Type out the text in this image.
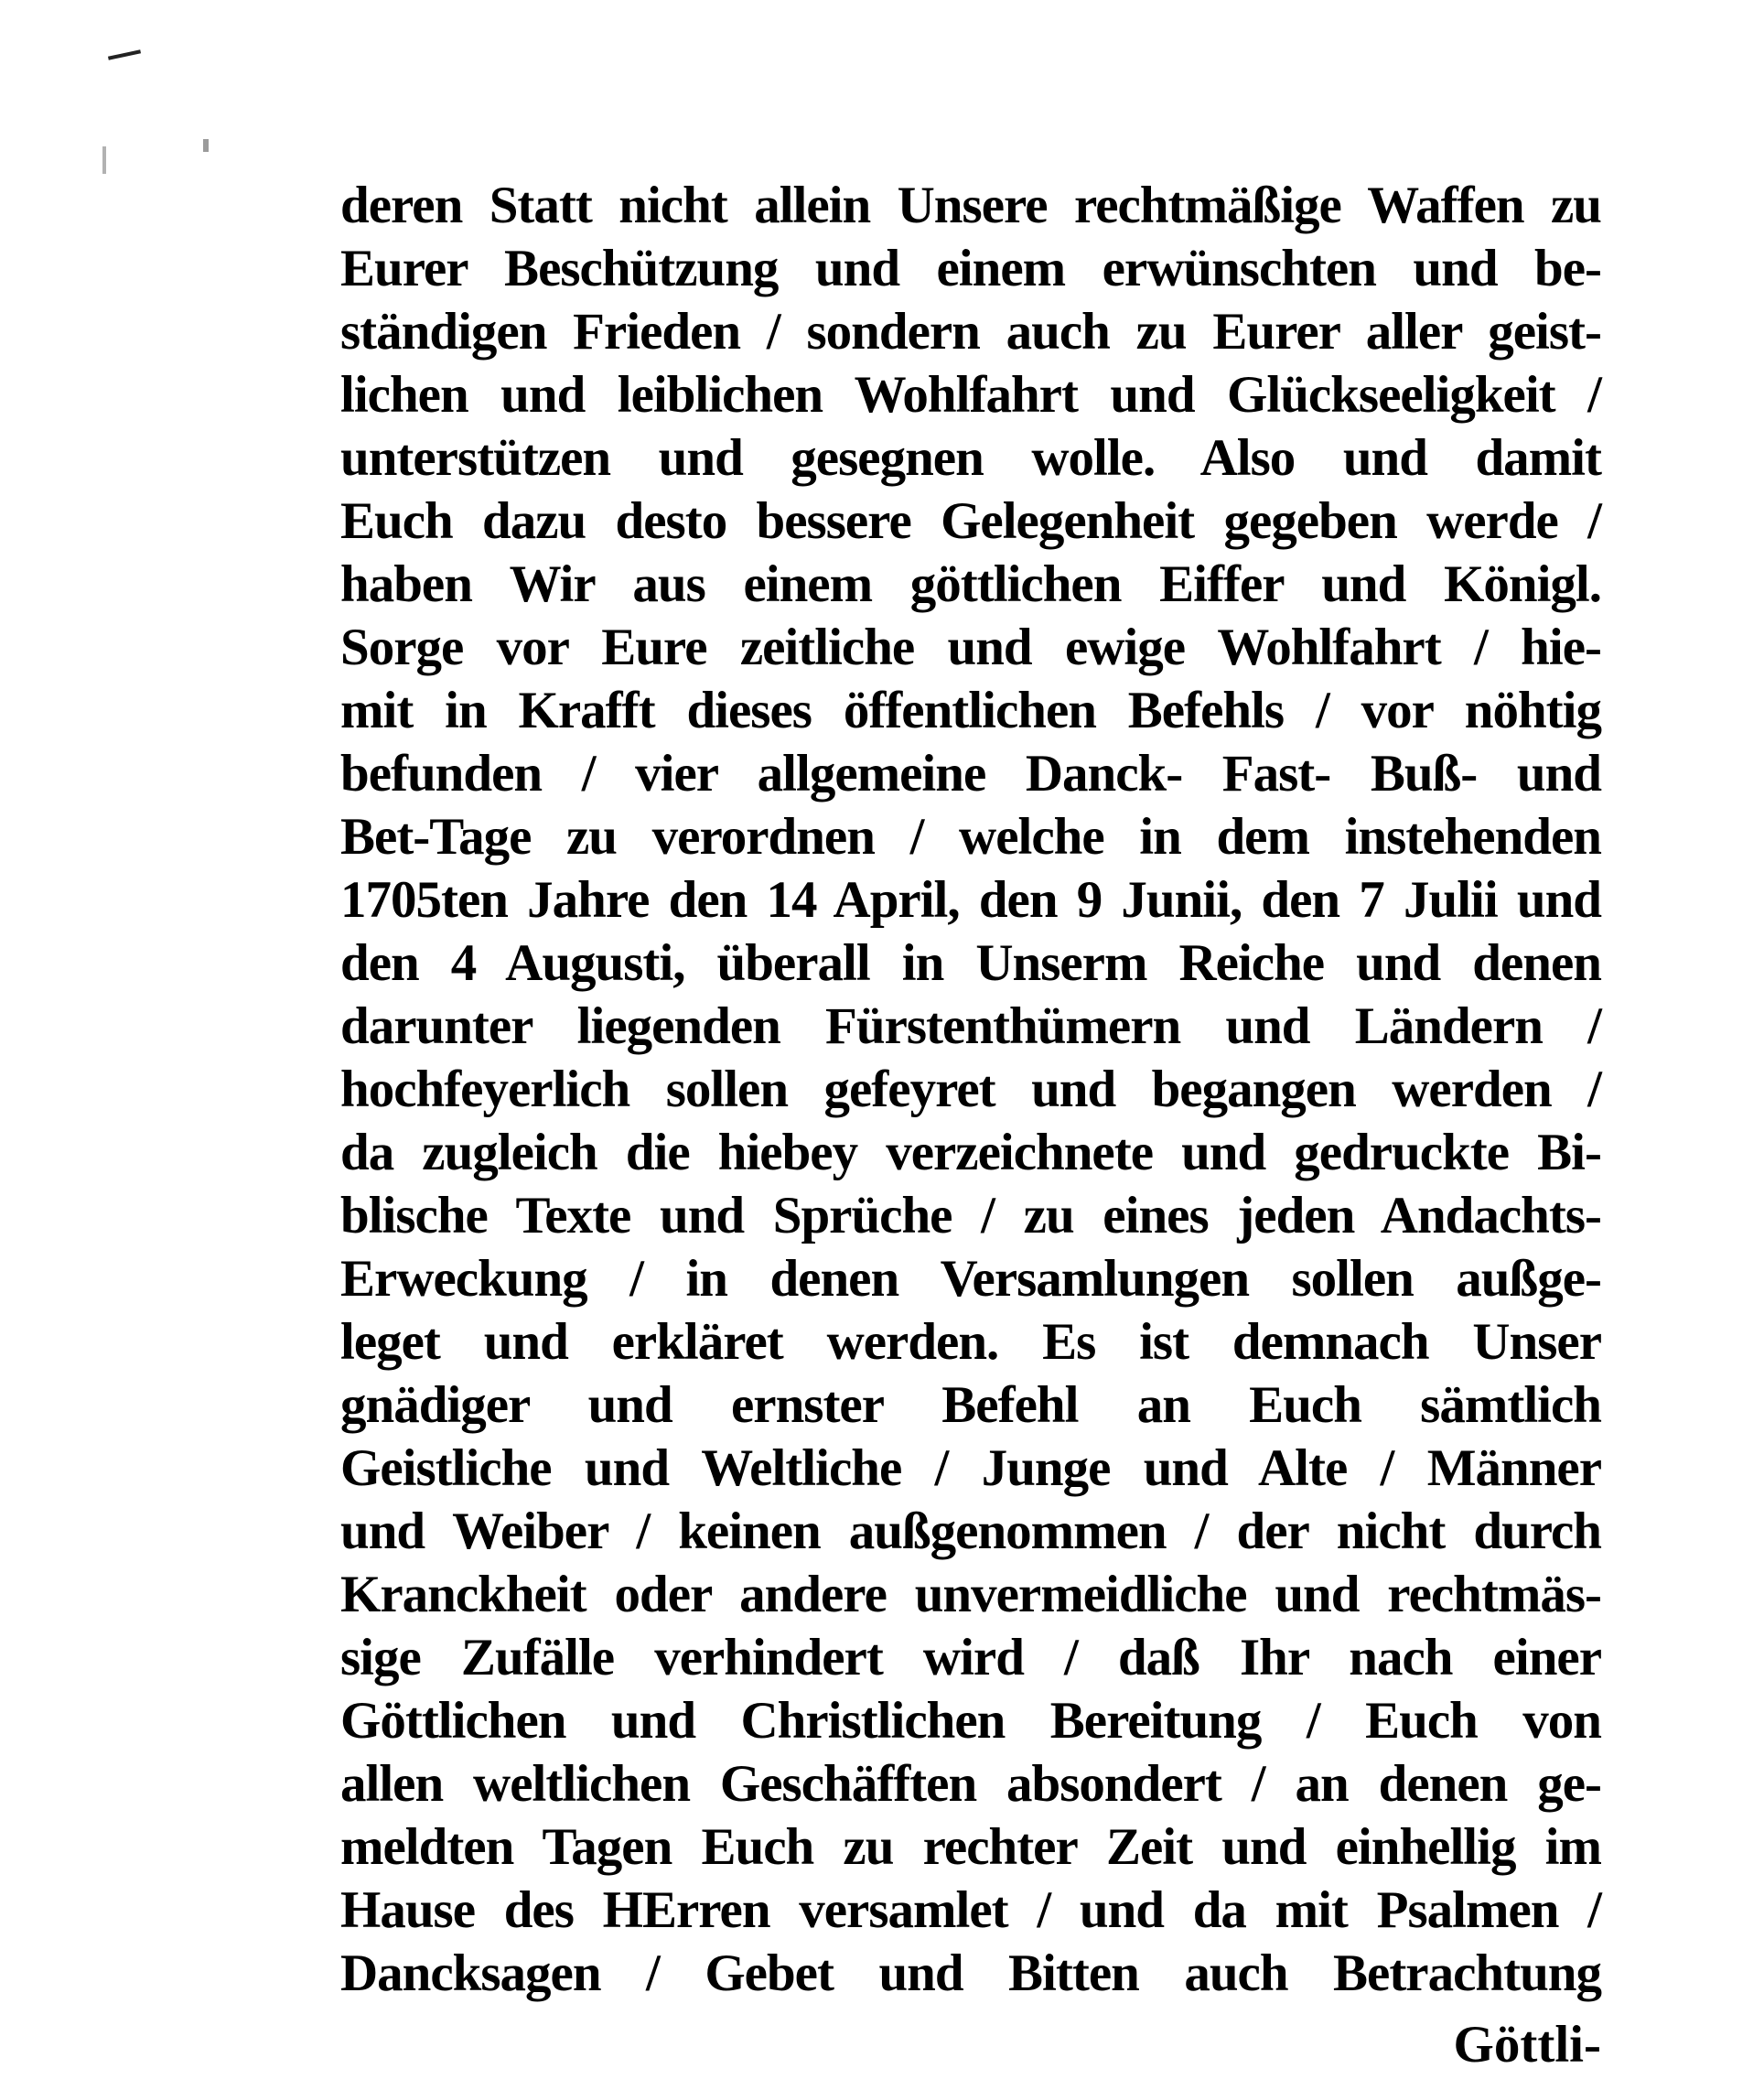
deren Statt nicht allein Unsere rechtmäßige Waffen zu
Eurer Beschützung und einem erwünschten und be-
ständigen Frieden / sondern auch zu Eurer aller geist-
lichen und leiblichen Wohlfahrt und Glückseeligkeit /
unterstützen und gesegnen wolle. Also und damit
Euch dazu desto bessere Gelegenheit gegeben werde /
haben Wir aus einem göttlichen Eiffer und Königl.
Sorge vor Eure zeitliche und ewige Wohlfahrt / hie-
mit in Krafft dieses öffentlichen Befehls / vor nöhtig
befunden / vier allgemeine Danck- Fast- Buß- und
Bet-Tage zu verordnen / welche in dem instehenden
1705ten Jahre den 14 April, den 9 Junii, den 7 Julii und
den 4 Augusti, überall in Unserm Reiche und denen
darunter liegenden Fürstenthümern und Ländern /
hochfeyerlich sollen gefeyret und begangen werden /
da zugleich die hiebey verzeichnete und gedruckte Bi-
blische Texte und Sprüche / zu eines jeden Andachts-
Erweckung / in denen Versamlungen sollen außge-
leget und erkläret werden. Es ist demnach Unser
gnädiger und ernster Befehl an Euch sämtlich
Geistliche und Weltliche / Junge und Alte / Männer
und Weiber / keinen außgenommen / der nicht durch
Kranckheit oder andere unvermeidliche und rechtmäs-
sige Zufälle verhindert wird / daß Ihr nach einer
Göttlichen und Christlichen Bereitung / Euch von
allen weltlichen Geschäfften absondert / an denen ge-
meldten Tagen Euch zu rechter Zeit und einhellig im
Hause des HErren versamlet / und da mit Psalmen /
Dancksagen / Gebet und Bitten auch Betrachtung
Göttli-
